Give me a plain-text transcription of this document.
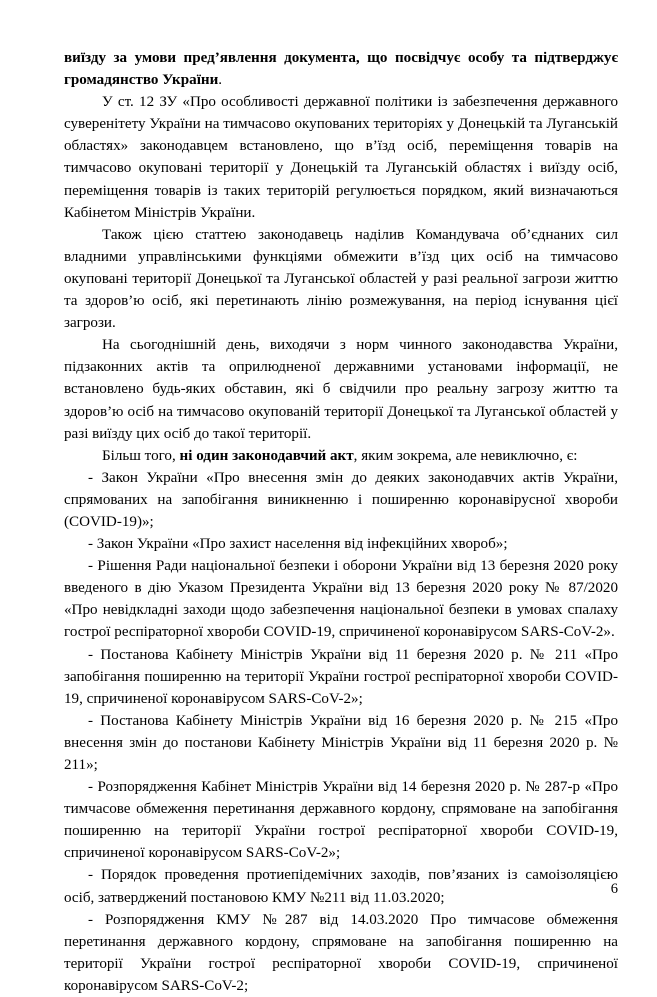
виїзду за умови пред’явлення документа, що посвідчує особу та підтверджує громадянство України.

У ст. 12 ЗУ «Про особливості державної політики із забезпечення державного суверенітету України на тимчасово окупованих територіях у Донецькій та Луганській областях» законодавцем встановлено, що в’їзд осіб, переміщення товарів на тимчасово окуповані території у Донецькій та Луганській областях і виїзду осіб, переміщення товарів із таких територій регулюється порядком, який визначаються Кабінетом Міністрів України.

Також цією статтею законодавець наділив Командувача об’єднаних сил владними управлінськими функціями обмежити в’їзд цих осіб на тимчасово окуповані території Донецької та Луганської областей у разі реальної загрози життю та здоров’ю осіб, які перетинають лінію розмежування, на період існування цієї загрози.

На сьогоднішній день, виходячи з норм чинного законодавства України, підзаконних актів та оприлюдненої державними установами інформації, не встановлено будь-яких обставин, які б свідчили про реальну загрозу життю та здоров’ю осіб на тимчасово окупованій території Донецької та Луганської областей у разі виїзду цих осіб до такої території.

Більш того, ні один законодавчий акт, яким зокрема, але невиключно, є:

- Закон України «Про внесення змін до деяких законодавчих актів України, спрямованих на запобігання виникненню і поширенню коронавірусної хвороби (COVID-19)»;

- Закон України «Про захист населення від інфекційних хвороб»;

- Рішення Ради національної безпеки і оборони України від 13 березня 2020 року введеного в дію Указом Президента України від 13 березня 2020 року № 87/2020 «Про невідкладні заходи щодо забезпечення національної безпеки в умовах спалаху гострої респіраторної хвороби COVID-19, спричиненої коронавірусом SARS-CoV-2».

- Постанова Кабінету Міністрів України від 11 березня 2020 р. № 211 «Про запобігання поширенню на території України гострої респіраторної хвороби COVID-19, спричиненої коронавірусом SARS-CoV-2»;

- Постанова Кабінету Міністрів України від 16 березня 2020 р. № 215 «Про внесення змін до постанови Кабінету Міністрів України від 11 березня 2020 р. № 211»;

- Розпорядження Кабінет Міністрів України від 14 березня 2020 р. № 287-р «Про тимчасове обмеження перетинання державного кордону, спрямоване на запобігання поширенню на території України гострої респіраторної хвороби COVID-19, спричиненої коронавірусом SARS-CoV-2»;

- Порядок проведення протиепідемічних заходів, пов’язаних із самоізоляцією осіб, затверджений постановою КМУ №211 від 11.03.2020;

- Розпорядження КМУ №287 від 14.03.2020 Про тимчасове обмеження перетинання державного кордону, спрямоване на запобігання поширенню на території України гострої респіраторної хвороби COVID-19, спричиненої коронавірусом SARS-CoV-2;

6
